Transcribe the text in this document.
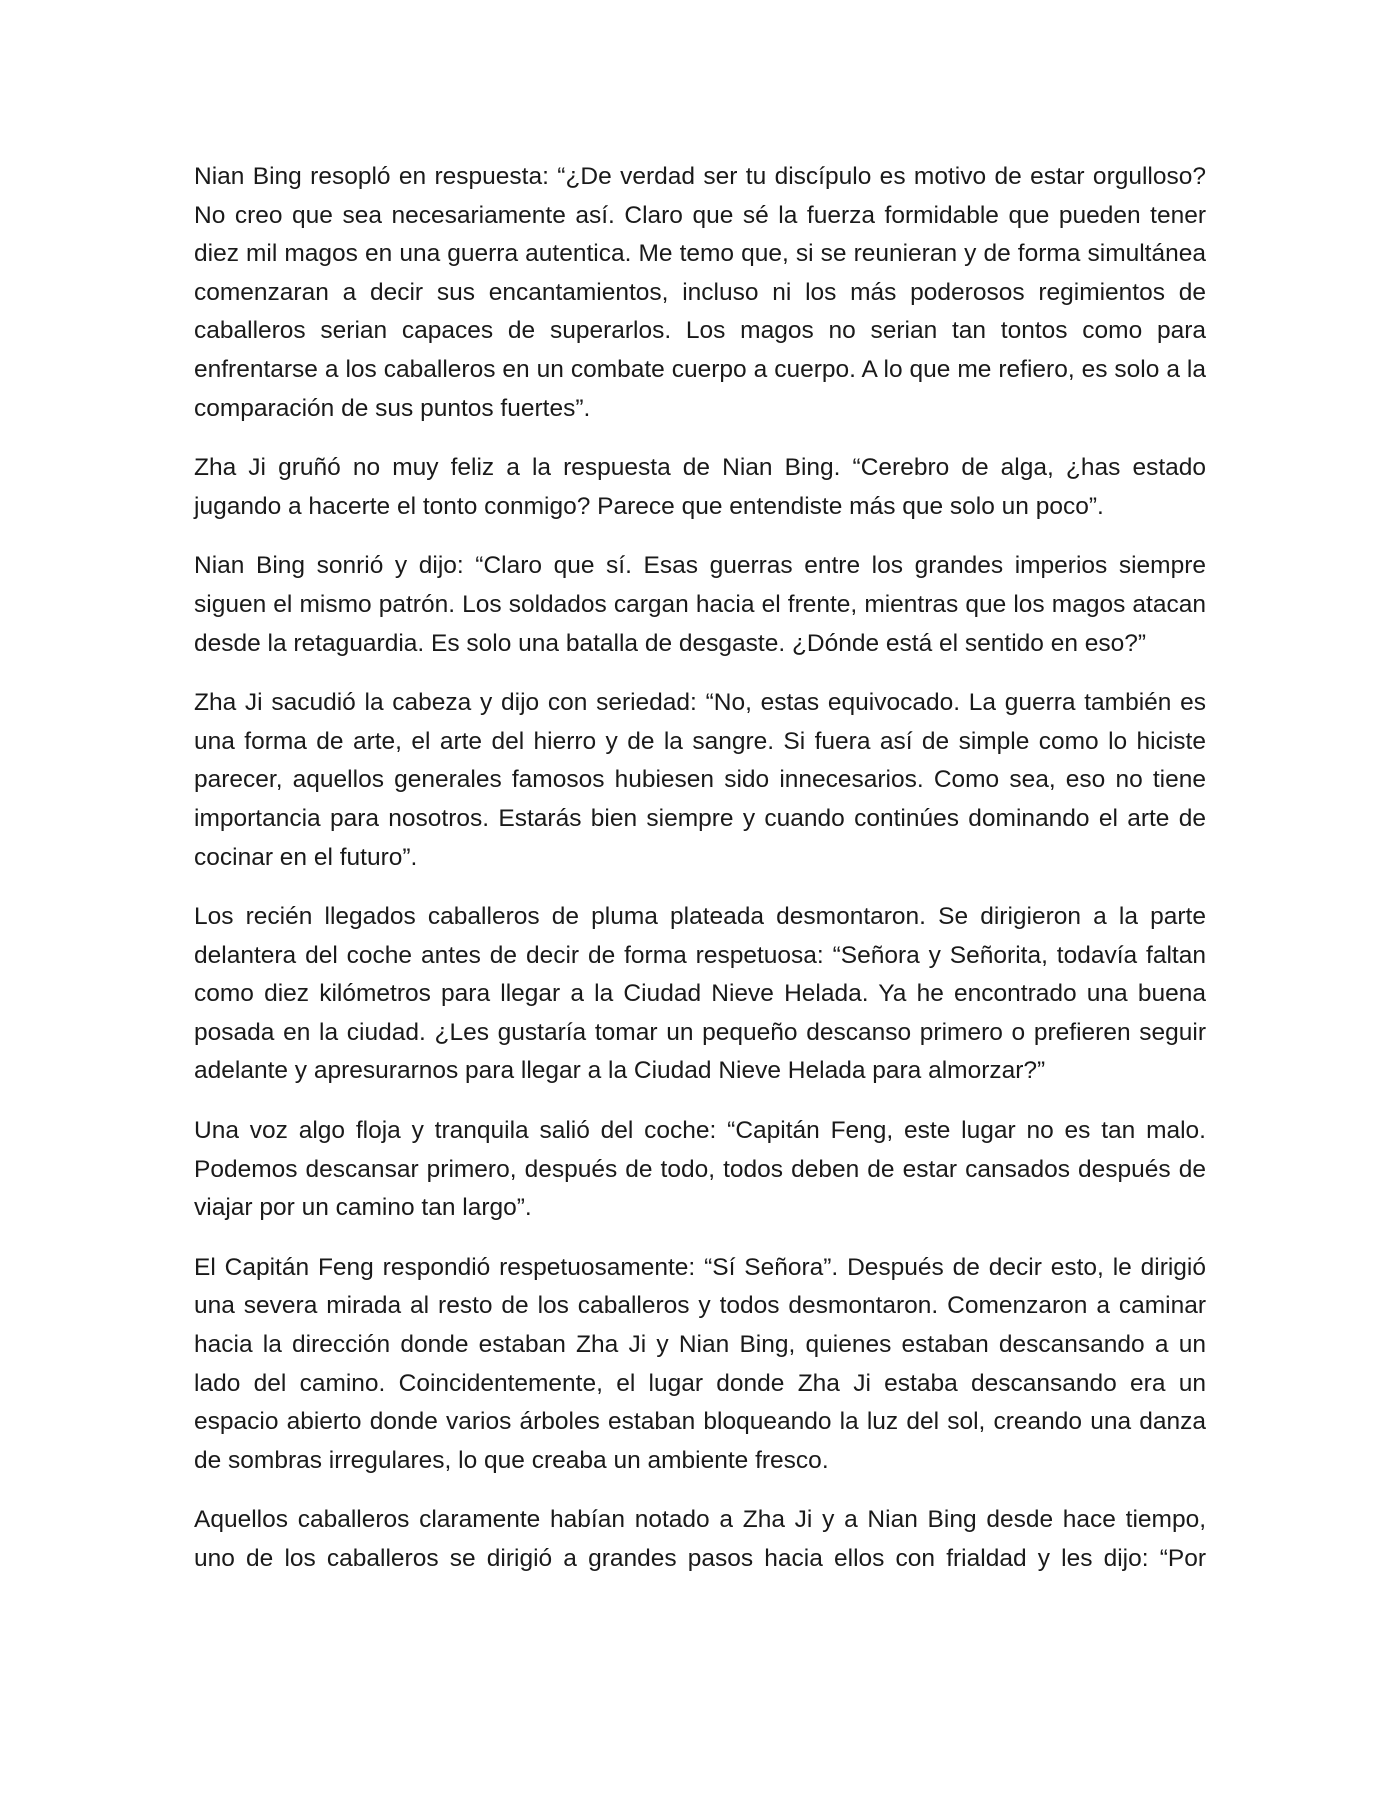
Nian Bing resopló en respuesta: “¿De verdad ser tu discípulo es motivo de estar orgulloso? No creo que sea necesariamente así. Claro que sé la fuerza formidable que pueden tener diez mil magos en una guerra autentica. Me temo que, si se reunieran y de forma simultánea comenzaran a decir sus encantamientos, incluso ni los más poderosos regimientos de caballeros serian capaces de superarlos. Los magos no serian tan tontos como para enfrentarse a los caballeros en un combate cuerpo a cuerpo. A lo que me refiero, es solo a la comparación de sus puntos fuertes”.

Zha Ji gruñó no muy feliz a la respuesta de Nian Bing. “Cerebro de alga, ¿has estado jugando a hacerte el tonto conmigo? Parece que entendiste más que solo un poco”.

Nian Bing sonrió y dijo: “Claro que sí. Esas guerras entre los grandes imperios siempre siguen el mismo patrón. Los soldados cargan hacia el frente, mientras que los magos atacan desde la retaguardia. Es solo una batalla de desgaste. ¿Dónde está el sentido en eso?”

Zha Ji sacudió la cabeza y dijo con seriedad: “No, estas equivocado. La guerra también es una forma de arte, el arte del hierro y de la sangre. Si fuera así de simple como lo hiciste parecer, aquellos generales famosos hubiesen sido innecesarios. Como sea, eso no tiene importancia para nosotros. Estarás bien siempre y cuando continúes dominando el arte de cocinar en el futuro”.

Los recién llegados caballeros de pluma plateada desmontaron. Se dirigieron a la parte delantera del coche antes de decir de forma respetuosa: “Señora y Señorita, todavía faltan como diez kilómetros para llegar a la Ciudad Nieve Helada. Ya he encontrado una buena posada en la ciudad. ¿Les gustaría tomar un pequeño descanso primero o prefieren seguir adelante y apresurarnos para llegar a la Ciudad Nieve Helada para almorzar?”

Una voz algo floja y tranquila salió del coche: “Capitán Feng, este lugar no es tan malo. Podemos descansar primero, después de todo, todos deben de estar cansados después de viajar por un camino tan largo”.

El Capitán Feng respondió respetuosamente: “Sí Señora”. Después de decir esto, le dirigió una severa mirada al resto de los caballeros y todos desmontaron. Comenzaron a caminar hacia la dirección donde estaban Zha Ji y Nian Bing, quienes estaban descansando a un lado del camino. Coincidentemente, el lugar donde Zha Ji estaba descansando era un espacio abierto donde varios árboles estaban bloqueando la luz del sol, creando una danza de sombras irregulares, lo que creaba un ambiente fresco.

Aquellos caballeros claramente habían notado a Zha Ji y a Nian Bing desde hace tiempo, uno de los caballeros se dirigió a grandes pasos hacia ellos con frialdad y les dijo: “Por
